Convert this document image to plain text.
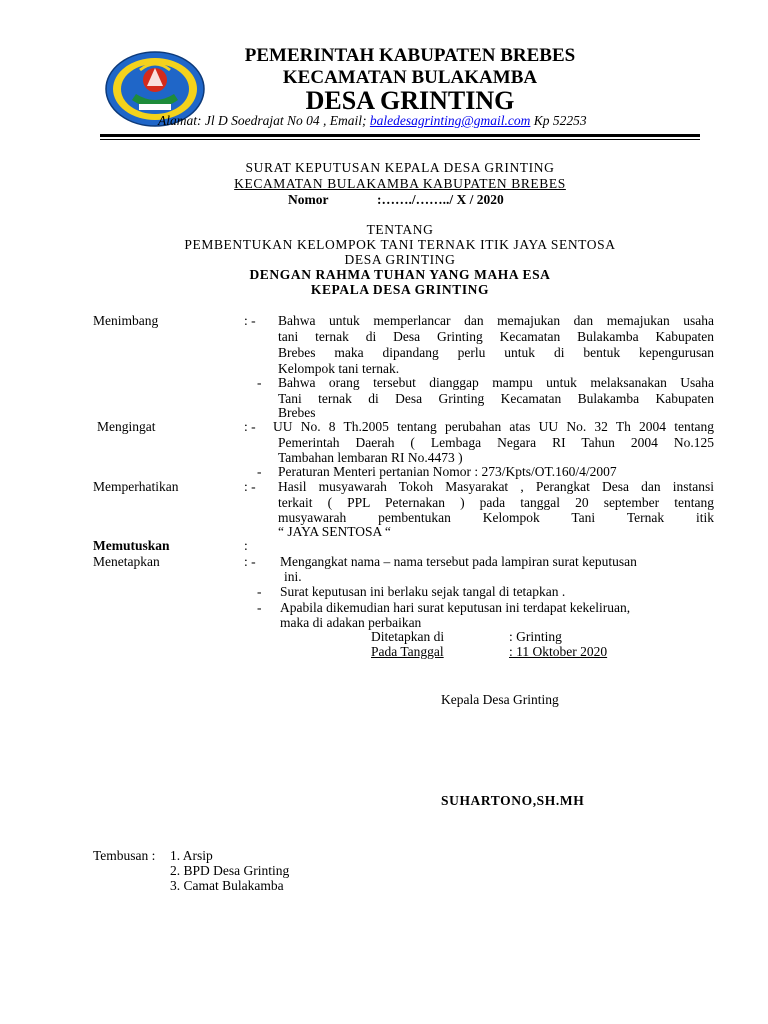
PEMERINTAH KABUPATEN BREBES
KECAMATAN BULAKAMBA
DESA GRINTING
Alamat: Jl D Soedrajat No 04 , Email; baledesagrinting@gmail.com Kp 52253
SURAT KEPUTUSAN KEPALA DESA GRINTING
KECAMATAN BULAKAMBA KABUPATEN BREBES
Nomor	:……./……../ X / 2020
TENTANG
PEMBENTUKAN KELOMPOK TANI TERNAK ITIK JAYA SENTOSA
DESA GRINTING
DENGAN RAHMA TUHAN YANG MAHA ESA
KEPALA DESA GRINTING
Menimbang	: - Bahwa untuk memperlancar dan memajukan dan memajukan usaha
tani ternak di Desa Grinting Kecamatan Bulakamba Kabupaten
Brebes maka dipandang perlu untuk di bentuk kepengurusan
Kelompok tani ternak.
- Bahwa orang tersebut dianggap mampu untuk melaksanakan Usaha
Tani ternak di Desa Grinting Kecamatan Bulakamba Kabupaten
Brebes
Mengingat	: - UU No. 8 Th.2005 tentang perubahan atas UU No. 32 Th 2004 tentang
Pemerintah Daerah ( Lembaga Negara RI Tahun 2004 No.125
Tambahan lembaran RI No.4473 )
- Peraturan Menteri pertanian Nomor : 273/Kpts/OT.160/4/2007
Memperhatikan	: - Hasil musyawarah Tokoh Masyarakat , Perangkat Desa dan instansi
terkait ( PPL Peternakan ) pada tanggal 20 september tentang
musyawarah    pembentukan    Kelompok    Tani    Ternak    itik
“ JAYA SENTOSA “
Memutuskan	:
Menetapkan	: - Mengangkat nama – nama tersebut pada lampiran surat keputusan
ini.
- Surat keputusan ini berlaku sejak tangal di tetapkan .
- Apabila dikemudian hari surat keputusan ini terdapat kekeliruan,
maka di adakan perbaikan
Ditetapkan di	: Grinting
Pada Tanggal	: 11 Oktober 2020
Kepala Desa Grinting
SUHARTONO,SH.MH
Tembusan : 1. Arsip
2. BPD Desa Grinting
3. Camat Bulakamba
